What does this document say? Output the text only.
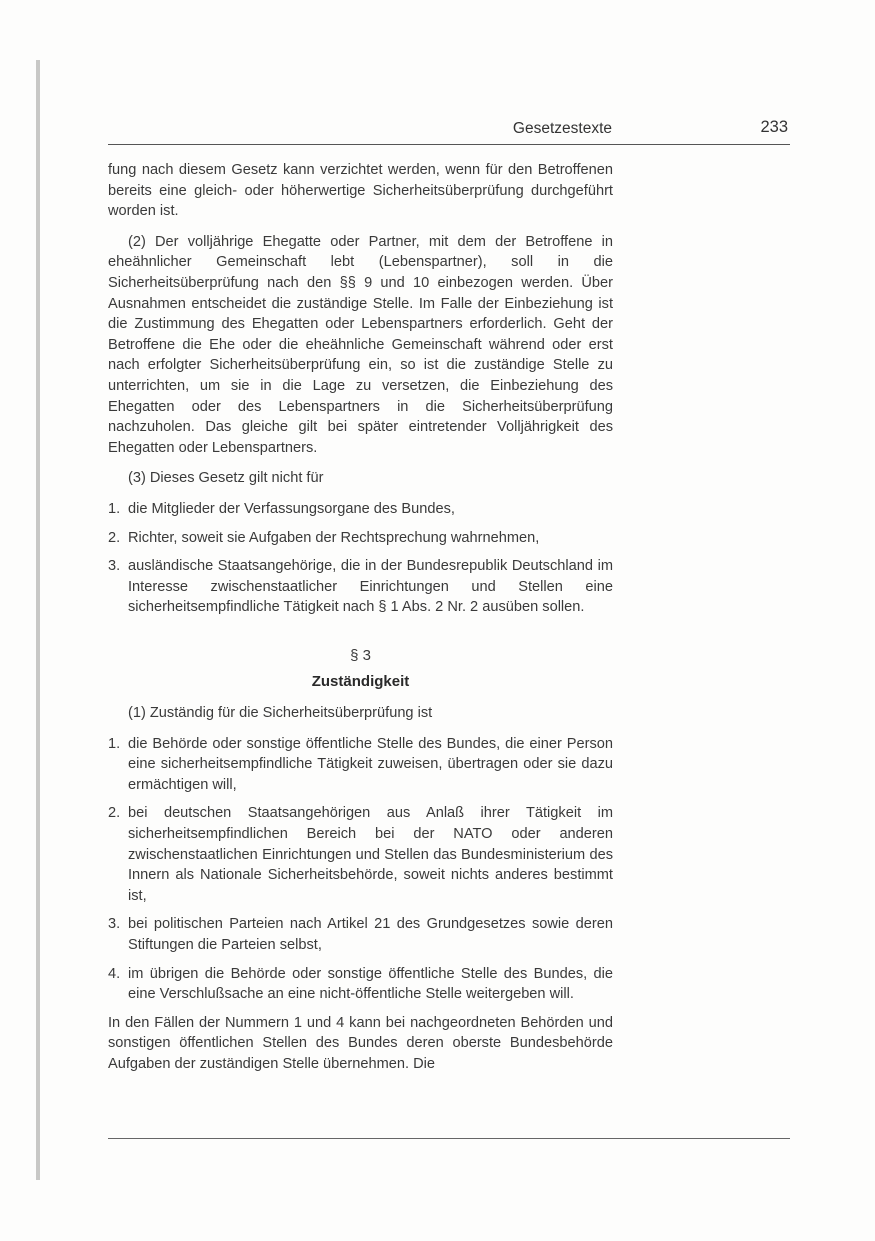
Gesetzestexte	233

fung nach diesem Gesetz kann verzichtet werden, wenn für den Betroffenen bereits eine gleich- oder höherwertige Sicherheitsüberprüfung durchgeführt worden ist.

(2) Der volljährige Ehegatte oder Partner, mit dem der Betroffene in eheähnlicher Gemeinschaft lebt (Lebenspartner), soll in die Sicherheitsüberprüfung nach den §§ 9 und 10 einbezogen werden. Über Ausnahmen entscheidet die zuständige Stelle. Im Falle der Einbeziehung ist die Zustimmung des Ehegatten oder Lebenspartners erforderlich. Geht der Betroffene die Ehe oder die eheähnliche Gemeinschaft während oder erst nach erfolgter Sicherheitsüberprüfung ein, so ist die zuständige Stelle zu unterrichten, um sie in die Lage zu versetzen, die Einbeziehung des Ehegatten oder des Lebenspartners in die Sicherheitsüberprüfung nachzuholen. Das gleiche gilt bei später eintretender Volljährigkeit des Ehegatten oder Lebenspartners.

(3) Dieses Gesetz gilt nicht für

1. die Mitglieder der Verfassungsorgane des Bundes,
2. Richter, soweit sie Aufgaben der Rechtsprechung wahrnehmen,
3. ausländische Staatsangehörige, die in der Bundesrepublik Deutschland im Interesse zwischenstaatlicher Einrichtungen und Stellen eine sicherheitsempfindliche Tätigkeit nach § 1 Abs. 2 Nr. 2 ausüben sollen.
§ 3
Zuständigkeit

(1) Zuständig für die Sicherheitsüberprüfung ist

1. die Behörde oder sonstige öffentliche Stelle des Bundes, die einer Person eine sicherheitsempfindliche Tätigkeit zuweisen, übertragen oder sie dazu ermächtigen will,
2. bei deutschen Staatsangehörigen aus Anlaß ihrer Tätigkeit im sicherheitsempfindlichen Bereich bei der NATO oder anderen zwischenstaatlichen Einrichtungen und Stellen das Bundesministerium des Innern als Nationale Sicherheitsbehörde, soweit nichts anderes bestimmt ist,
3. bei politischen Parteien nach Artikel 21 des Grundgesetzes sowie deren Stiftungen die Parteien selbst,
4. im übrigen die Behörde oder sonstige öffentliche Stelle des Bundes, die eine Verschlußsache an eine nicht-öffentliche Stelle weitergeben will.

In den Fällen der Nummern 1 und 4 kann bei nachgeordneten Behörden und sonstigen öffentlichen Stellen des Bundes deren oberste Bundesbehörde Aufgaben der zuständigen Stelle übernehmen. Die
